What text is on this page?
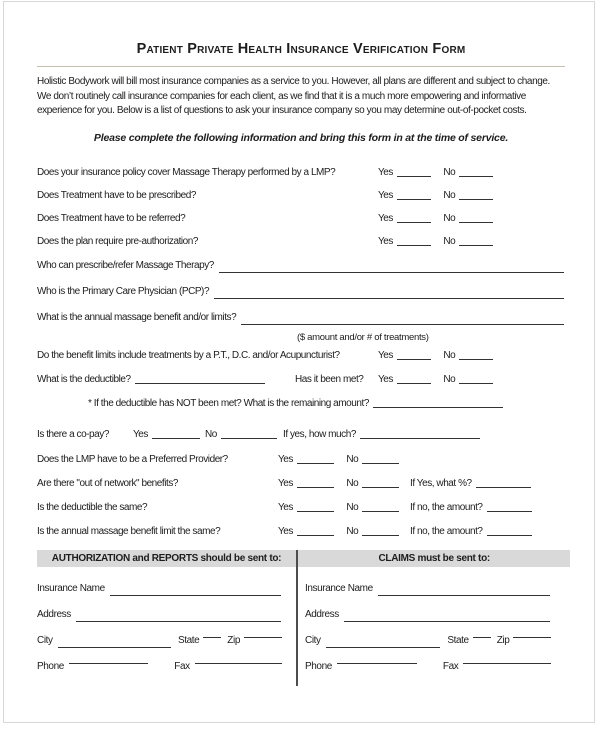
Patient Private Health Insurance Verification Form

Holistic Bodywork will bill most insurance companies as a service to you. However, all plans are different and subject to change. We don’t routinely call insurance companies for each client, as we find that it is a much more empowering and informative experience for you. Below is a list of questions to ask your insurance company so you may determine out-of-pocket costs.

Please complete the following information and bring this form in at the time of service.

Does your insurance policy cover Massage Therapy performed by a LMP?	Yes	No
Does Treatment have to be prescribed?	Yes	No
Does Treatment have to be referred?	Yes	No
Does the plan require pre-authorization?	Yes	No
Who can prescribe/refer Massage Therapy?
Who is the Primary Care Physician (PCP)?
What is the annual massage benefit and/or limits?
($ amount and/or # of treatments)
Do the benefit limits include treatments by a P.T., D.C. and/or Acupuncturist?	Yes	No
What is the deductible?	Has it been met? Yes	No
* If the deductible has NOT been met? What is the remaining amount?
Is there a co-pay? Yes	No	If yes, how much?
Does the LMP have to be a Preferred Provider?	Yes	No
Are there "out of network" benefits?	Yes	No	If Yes, what %?
Is the deductible the same?	Yes	No	If no, the amount?
Is the annual massage benefit limit the same?	Yes	No	If no, the amount?
AUTHORIZATION and REPORTS should be sent to:
Insurance Name
Address
City	State	Zip
Phone	Fax
CLAIMS must be sent to:
Insurance Name
Address
City	State	Zip
Phone	Fax
